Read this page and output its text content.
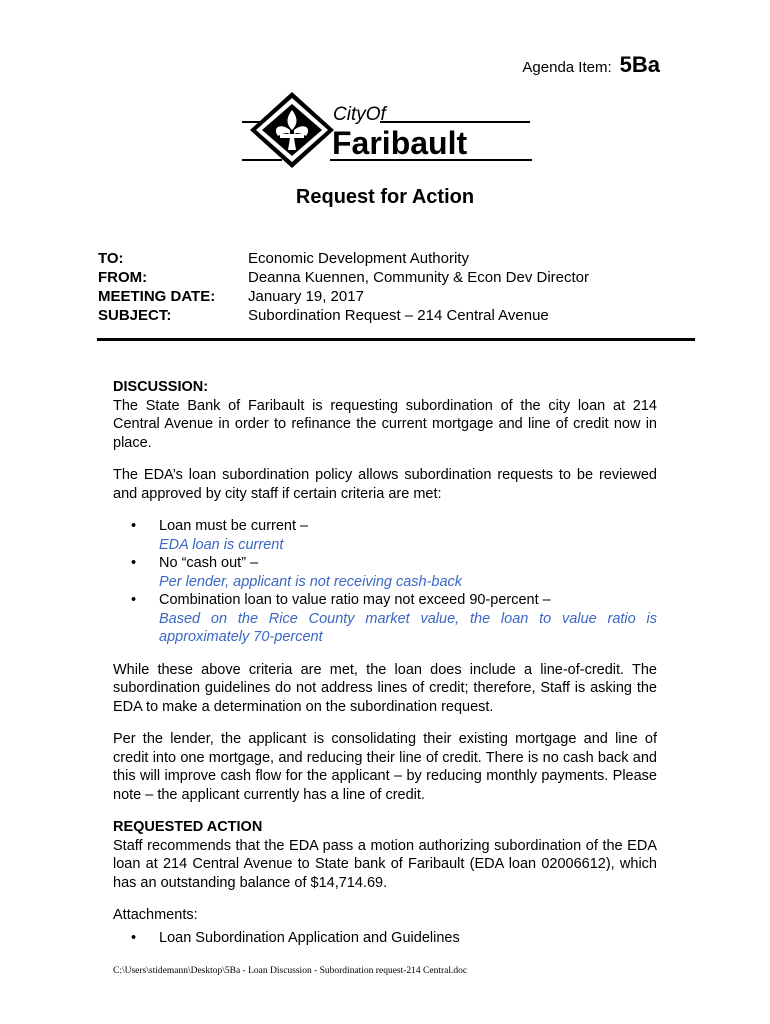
Agenda Item: 5Ba
CityOf
Faribault
Request for Action
TO:	Economic Development Authority
FROM:	Deanna Kuennen, Community & Econ Dev Director
MEETING DATE:	January 19, 2017
SUBJECT:	Subordination Request – 214 Central Avenue

DISCUSSION:

The State Bank of Faribault is requesting subordination of the city loan at 214 Central Avenue in order to refinance the current mortgage and line of credit now in place.

The EDA’s loan subordination policy allows subordination requests to be reviewed and approved by city staff if certain criteria are met:

• Loan must be current –
EDA loan is current
• No “cash out” –
Per lender, applicant is not receiving cash-back
• Combination loan to value ratio may not exceed 90-percent –
Based on the Rice County market value, the loan to value ratio is approximately 70-percent

While these above criteria are met, the loan does include a line-of-credit. The subordination guidelines do not address lines of credit; therefore, Staff is asking the EDA to make a determination on the subordination request.

Per the lender, the applicant is consolidating their existing mortgage and line of credit into one mortgage, and reducing their line of credit. There is no cash back and this will improve cash flow for the applicant – by reducing monthly payments. Please note – the applicant currently has a line of credit.

REQUESTED ACTION

Staff recommends that the EDA pass a motion authorizing subordination of the EDA loan at 214 Central Avenue to State bank of Faribault (EDA loan 02006612), which has an outstanding balance of $14,714.69.

Attachments:

• Loan Subordination Application and Guidelines
C:\Users\stidemann\Desktop\5Ba - Loan Discussion - Subordination request-214 Central.doc
